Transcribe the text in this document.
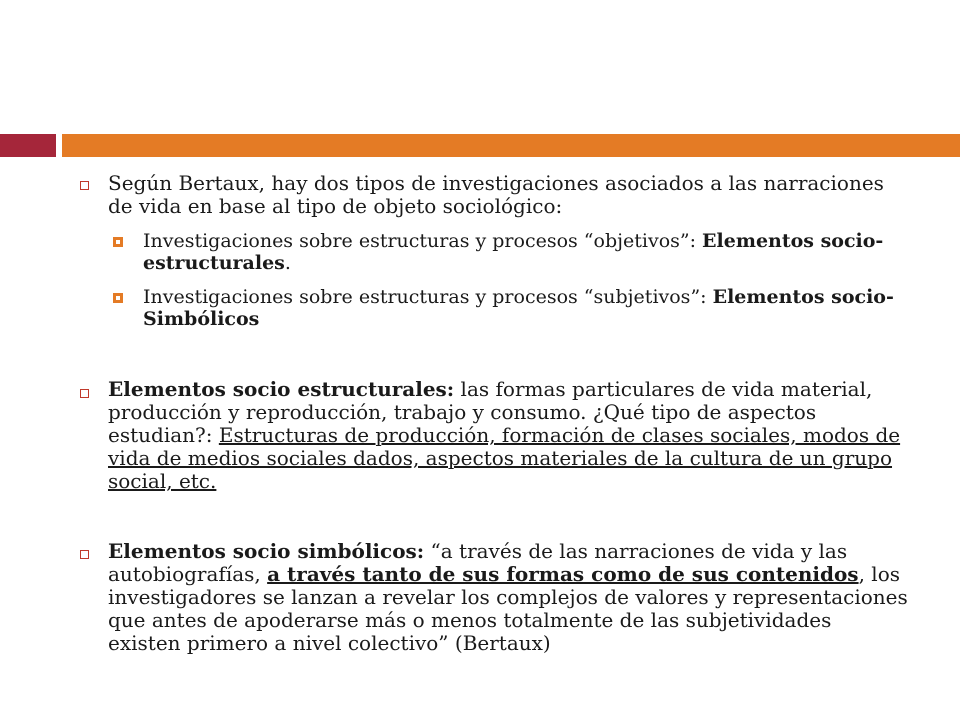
Según Bertaux, hay dos tipos de investigaciones asociados a las narraciones de vida en base al tipo de objeto sociológico:
Investigaciones sobre estructuras y procesos “objetivos”: Elementos socio-estructurales.
Investigaciones sobre estructuras y procesos “subjetivos”: Elementos socio-Simbólicos
Elementos socio estructurales: las formas particulares de vida material, producción y reproducción, trabajo y consumo. ¿Qué tipo de aspectos estudian?: Estructuras de producción, formación de clases sociales, modos de vida de medios sociales dados, aspectos materiales de la cultura de un grupo social, etc.
Elementos socio simbólicos: “a través de las narraciones de vida y las autobiografías, a través tanto de sus formas como de sus contenidos, los investigadores se lanzan a revelar los complejos de valores y representaciones que antes de apoderarse más o menos totalmente de las subjetividades existen primero a nivel colectivo” (Bertaux)
